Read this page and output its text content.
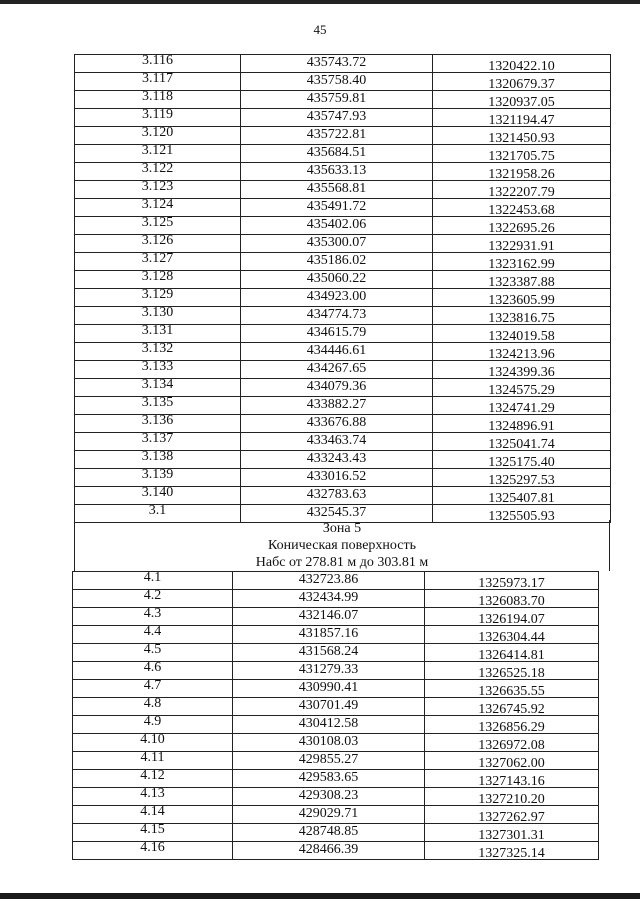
45
3.116	435743.72	1320422.10

3.117	435758.40	1320679.37

3.118	435759.81	1320937.05

3.119	435747.93	1321194.47

3.120	435722.81	1321450.93

3.121	435684.51	1321705.75

3.122	435633.13	1321958.26

3.123	435568.81	1322207.79

3.124	435491.72	1322453.68

3.125	435402.06	1322695.26

3.126	435300.07	1322931.91

3.127	435186.02	1323162.99

3.128	435060.22	1323387.88

3.129	434923.00	1323605.99

3.130	434774.73	1323816.75

3.131	434615.79	1324019.58

3.132	434446.61	1324213.96

3.133	434267.65	1324399.36

3.134	434079.36	1324575.29

3.135	433882.27	1324741.29

3.136	433676.88	1324896.91

3.137	433463.74	1325041.74

3.138	433243.43	1325175.40

3.139	433016.52	1325297.53

3.140	432783.63	1325407.81

3.1	432545.37	1325505.93
Зона 5
Коническая поверхность
Набс от 278.81 м до 303.81 м
4.1	432723.86	1325973.17

4.2	432434.99	1326083.70

4.3	432146.07	1326194.07

4.4	431857.16	1326304.44

4.5	431568.24	1326414.81

4.6	431279.33	1326525.18

4.7	430990.41	1326635.55

4.8	430701.49	1326745.92

4.9	430412.58	1326856.29

4.10	430108.03	1326972.08

4.11	429855.27	1327062.00

4.12	429583.65	1327143.16

4.13	429308.23	1327210.20

4.14	429029.71	1327262.97

4.15	428748.85	1327301.31

4.16	428466.39	1327325.14
